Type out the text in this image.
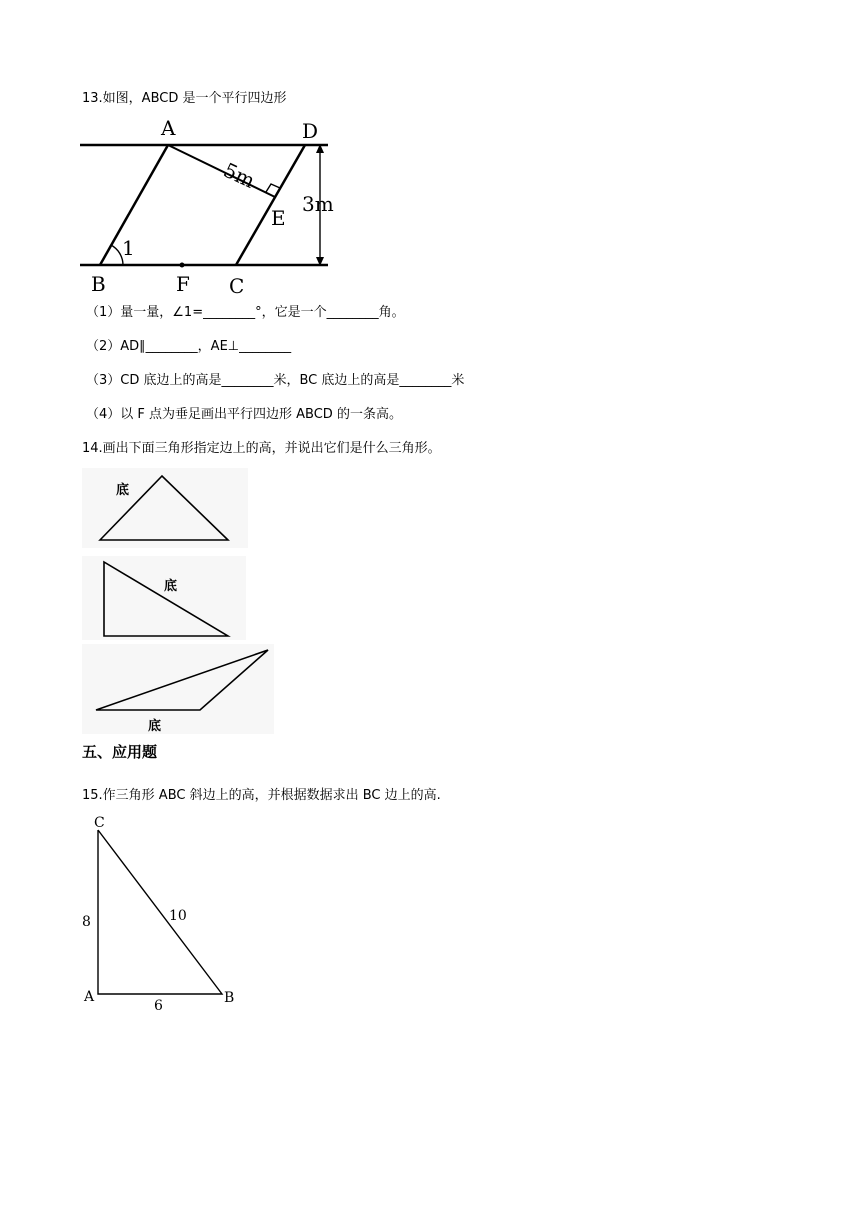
13.如图，ABCD 是一个平行四边形
A	D
5m
3m
E
1
B	F C
（1）量一量，∠1=________°，它是一个________角。
（2）AD∥________，AE⊥________
（3）CD 底边上的高是________米，BC 底边上的高是________米
（4）以 F 点为垂足画出平行四边形 ABCD 的一条高。
14.画出下面三角形指定边上的高，并说出它们是什么三角形。
底
底
底
五、应用题
15.作三角形 ABC 斜边上的高，并根据数据求出 BC 边上的高.
C
8	10
A	B
6
